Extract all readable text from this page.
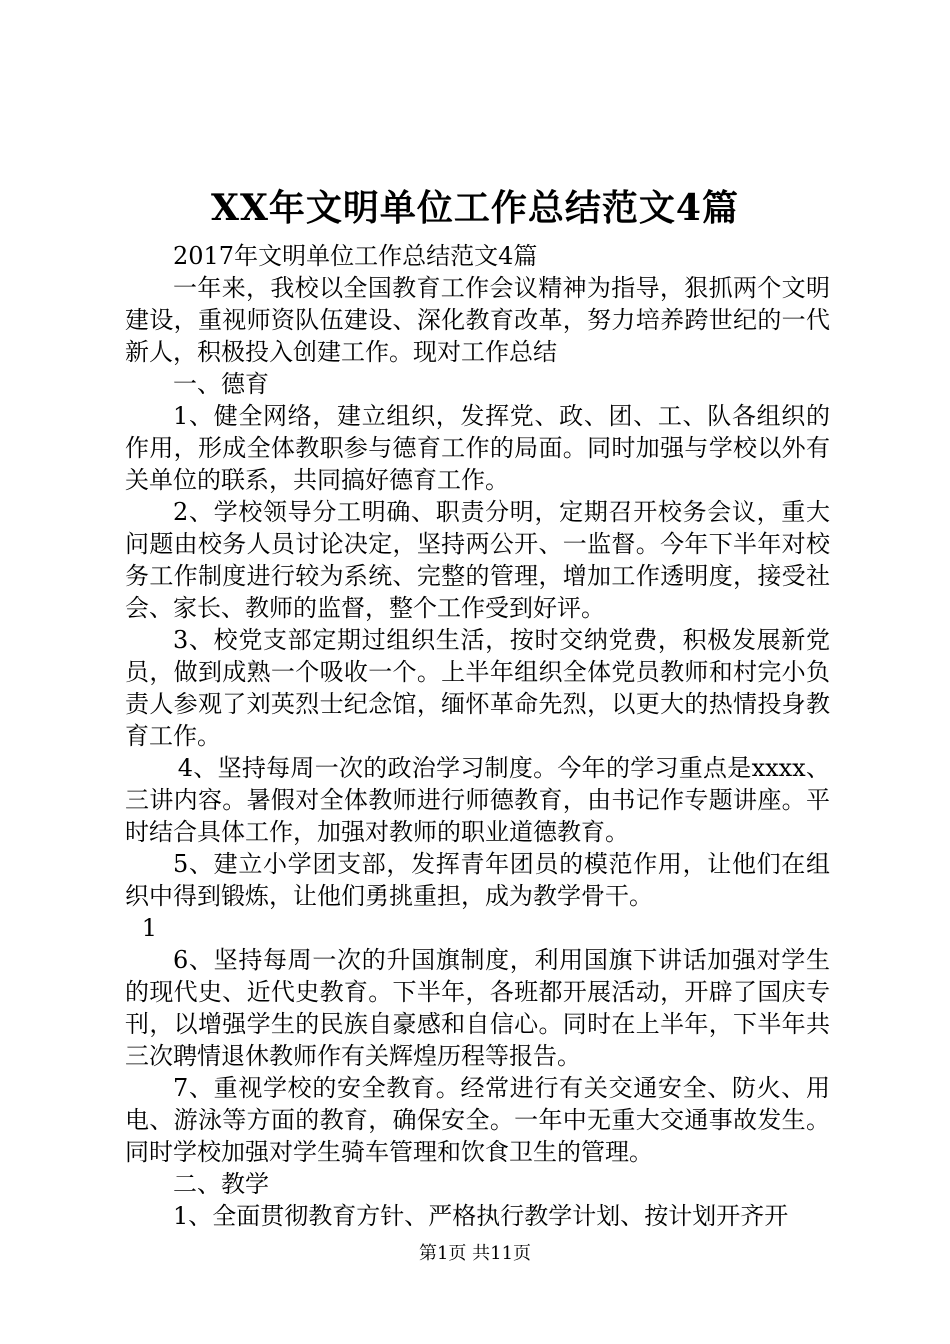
XX年文明单位工作总结范文4篇

2017年文明单位工作总结范文4篇

一年来，我校以全国教育工作会议精神为指导，狠抓两个文明建设，重视师资队伍建设、深化教育改革，努力培养跨世纪的一代新人，积极投入创建工作。现对工作总结

一、德育

1、健全网络，建立组织，发挥党、政、团、工、队各组织的作用，形成全体教职参与德育工作的局面。同时加强与学校以外有关单位的联系，共同搞好德育工作。

2、学校领导分工明确、职责分明，定期召开校务会议，重大问题由校务人员讨论决定，坚持两公开、一监督。今年下半年对校务工作制度进行较为系统、完整的管理，增加工作透明度，接受社会、家长、教师的监督，整个工作受到好评。

3、校党支部定期过组织生活，按时交纳党费，积极发展新党员，做到成熟一个吸收一个。上半年组织全体党员教师和村完小负责人参观了刘英烈士纪念馆，缅怀革命先烈，以更大的热情投身教育工作。

4、坚持每周一次的政治学习制度。今年的学习重点是xxxx、三讲内容。暑假对全体教师进行师德教育，由书记作专题讲座。平时结合具体工作，加强对教师的职业道德教育。

5、建立小学团支部，发挥青年团员的模范作用，让他们在组织中得到锻炼，让他们勇挑重担，成为教学骨干。

1

6、坚持每周一次的升国旗制度，利用国旗下讲话加强对学生的现代史、近代史教育。下半年，各班都开展活动，开辟了国庆专刊，以增强学生的民族自豪感和自信心。同时在上半年，下半年共三次聘情退休教师作有关辉煌历程等报告。

7、重视学校的安全教育。经常进行有关交通安全、防火、用电、游泳等方面的教育，确保安全。一年中无重大交通事故发生。同时学校加强对学生骑车管理和饮食卫生的管理。

二、教学

1、全面贯彻教育方针、严格执行教学计划、按计划开齐开

第1页 共11页
